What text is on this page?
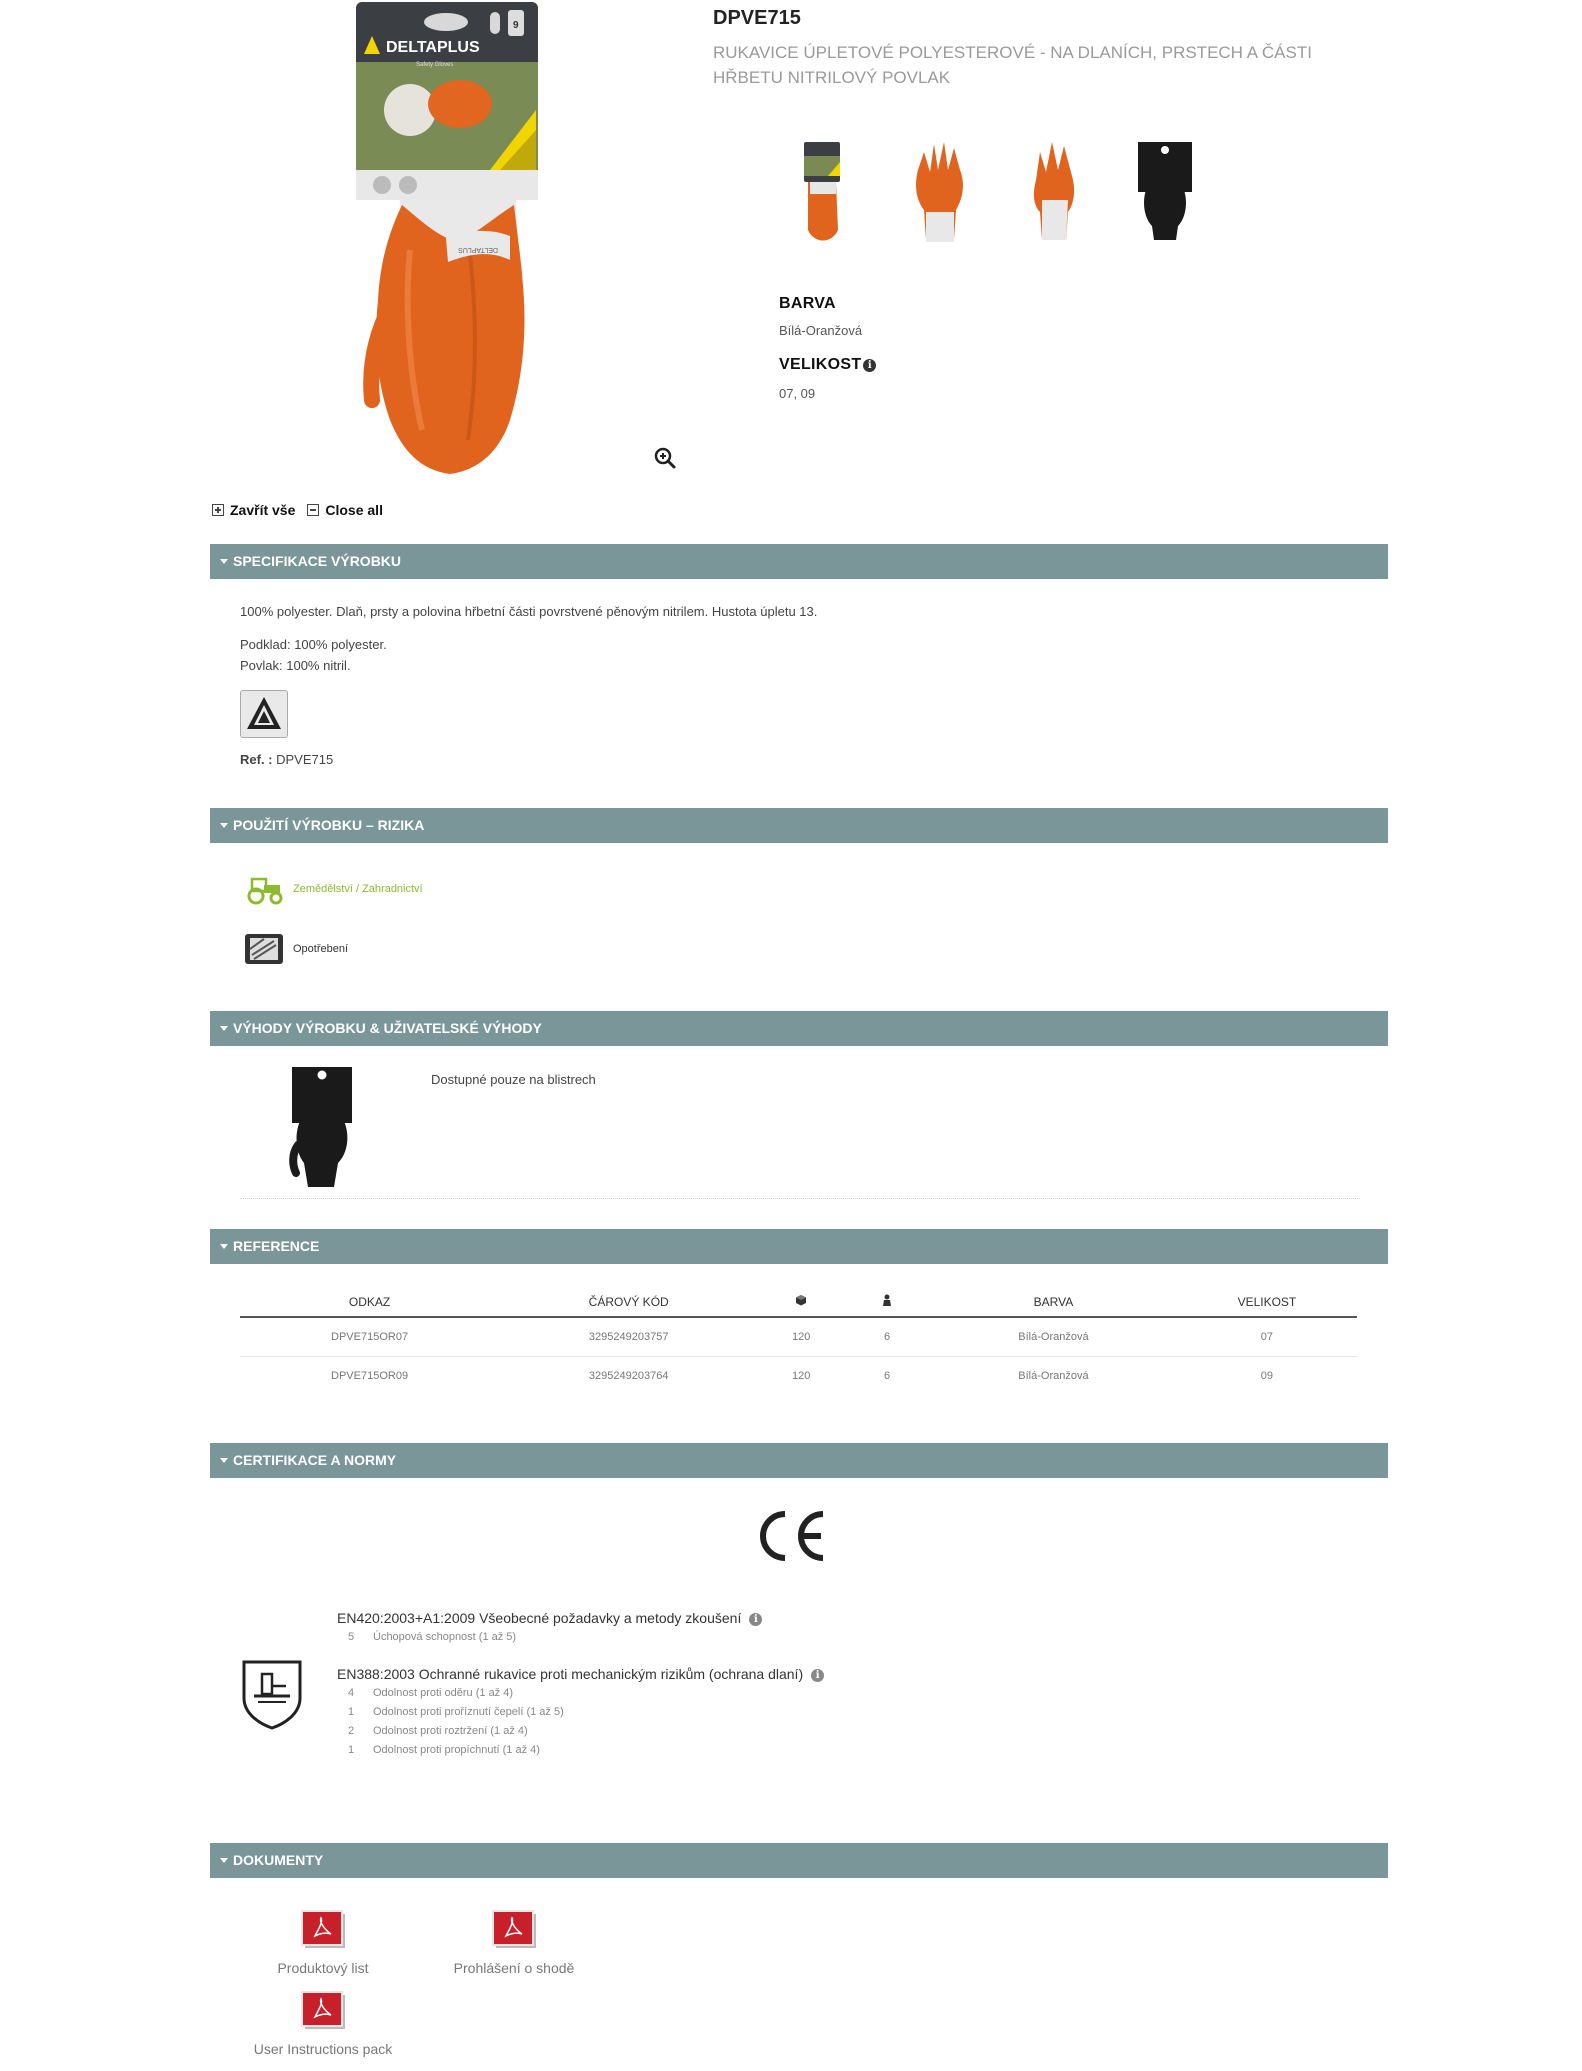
DELTAPLUS
Safety Gloves
9
DELTAPLUS
DPVE715
RUKAVICE ÚPLETOVÉ POLYESTEROVÉ - NA DLANÍCH, PRSTECH A ČÁSTI HŘBETU NITRILOVÝ POVLAK
BARVA
Bílá-Oranžová
VELIKOST i
07, 09
Zavřít vše Close all
SPECIFIKACE VÝROBKU
100% polyester. Dlaň, prsty a polovina hřbetní části povrstvené pěnovým nitrilem. Hustota úpletu 13.
Podklad: 100% polyester.
Povlak: 100% nitril.
Ref. : DPVE715
POUŽITÍ VÝROBKU – RIZIKA
Zemědělství / Zahradnictví
Opotřebení
VÝHODY VÝROBKU & UŽIVATELSKÉ VÝHODY
Dostupné pouze na blistrech
REFERENCE
ODKAZ	ČÁROVÝ KÓD			BARVA	VELIKOST
DPVE715OR07	3295249203757	120	6	Bílá-Oranžová	07
DPVE715OR09	3295249203764	120	6	Bílá-Oranžová	09
CERTIFIKACE A NORMY
EN420:2003+A1:2009 Všeobecné požadavky a metody zkoušení i
5 Úchopová schopnost (1 až 5)
EN388:2003 Ochranné rukavice proti mechanickým rizikům (ochrana dlaní) i
4 Odolnost proti oděru (1 až 4)
1 Odolnost proti proříznutí čepelí (1 až 5)
2 Odolnost proti roztržení (1 až 4)
1 Odolnost proti propíchnutí (1 až 4)
DOKUMENTY
Produktový list	Prohlášení o shodě
User Instructions pack
